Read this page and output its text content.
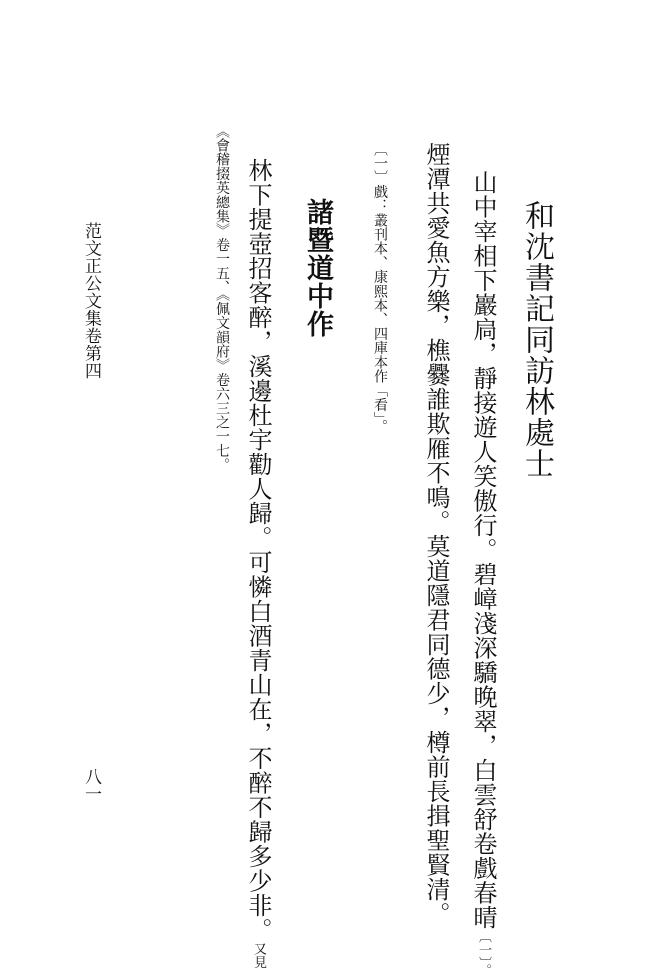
和沈書記同訪林處士

山中宰相下巖扃，靜接遊人笑傲行。碧嶂淺深驕晚翠，白雲舒卷戲春晴〔一〕。

煙潭共愛魚方樂，樵爨誰欺雁不鳴。莫道隱君同德少，樽前長揖聖賢清。

〔一〕戲：叢刊本、康熙本、四庫本作「看」。

諸暨道中作

林下提壺招客醉，溪邊杜宇勸人歸。可憐白酒青山在，不醉不歸多少非。又見

《會稽掇英總集》卷一五、《佩文韻府》卷六三之一七。

范文正公文集卷第四
八一
